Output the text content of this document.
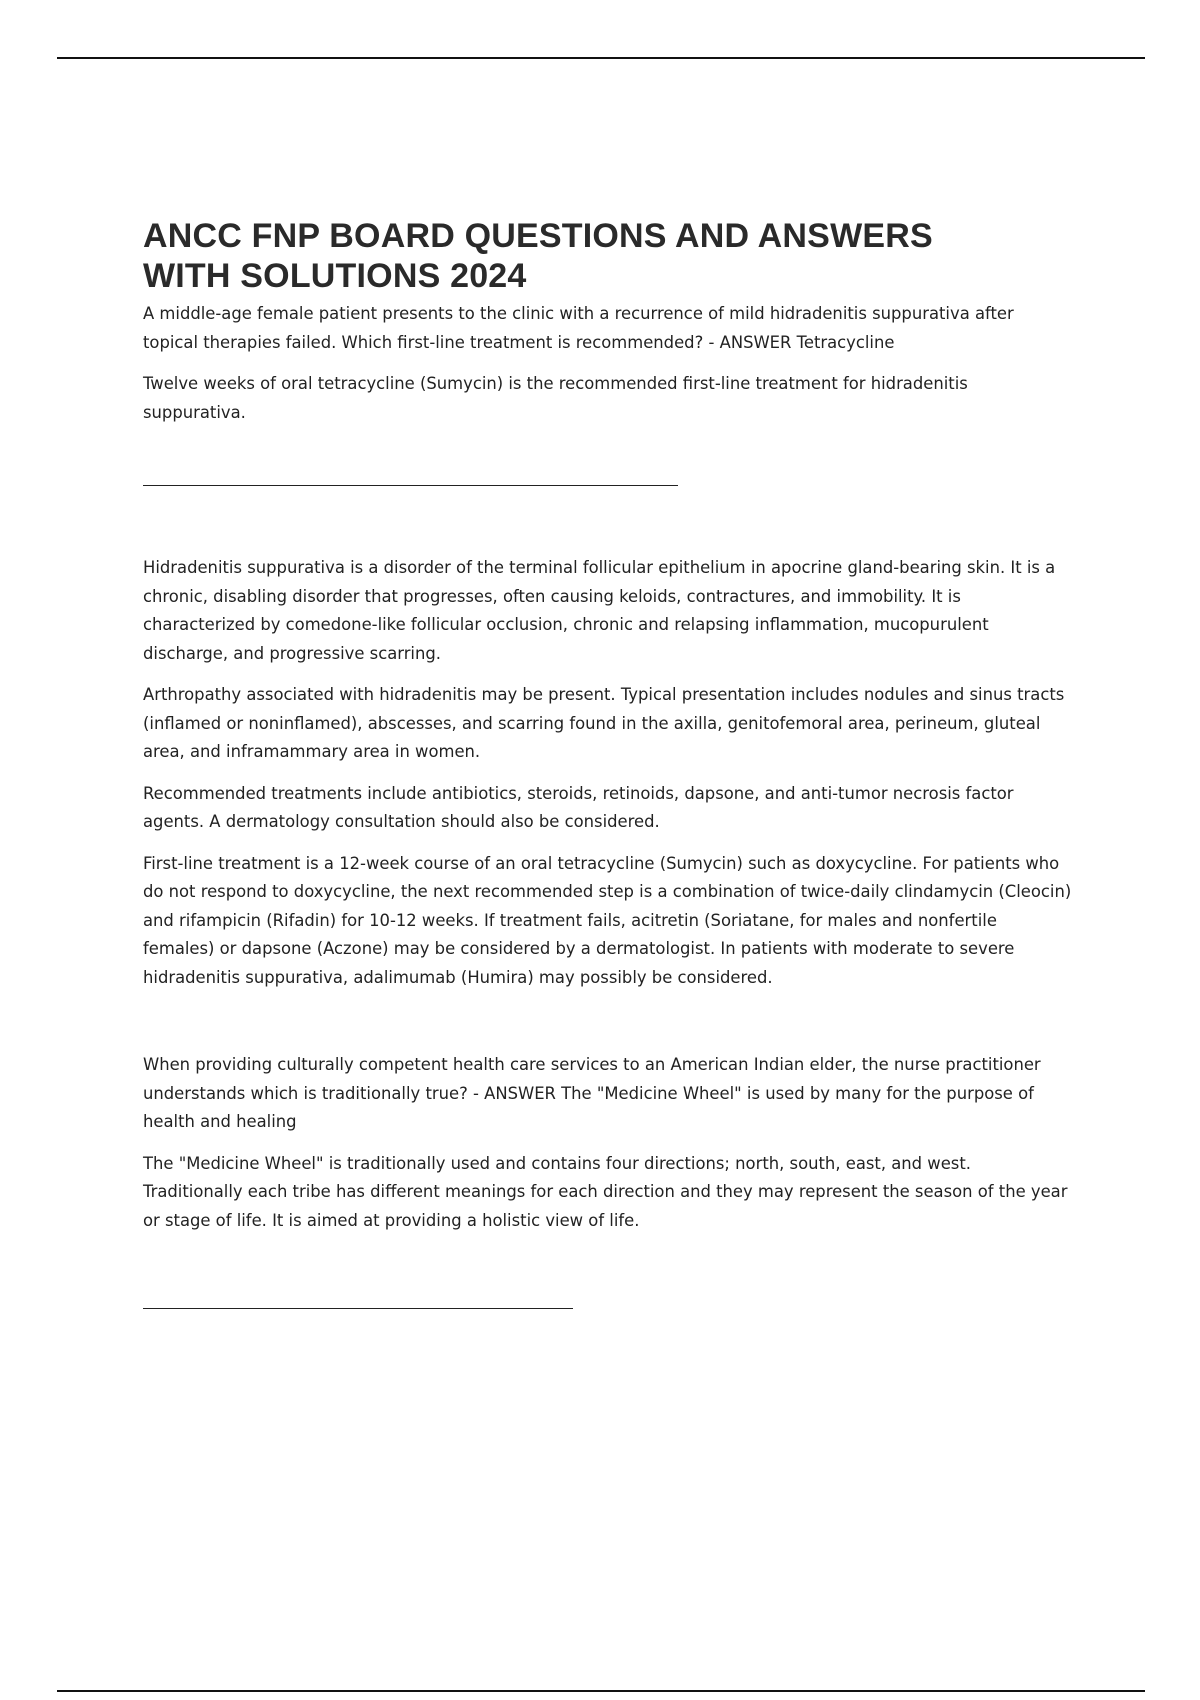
ANCC FNP BOARD QUESTIONS AND ANSWERS
WITH SOLUTIONS 2024

A middle-age female patient presents to the clinic with a recurrence of mild hidradenitis suppurativa after topical therapies failed. Which first-line treatment is recommended? - ANSWER Tetracycline

Twelve weeks of oral tetracycline (Sumycin) is the recommended first-line treatment for hidradenitis suppurativa.

Hidradenitis suppurativa is a disorder of the terminal follicular epithelium in apocrine gland-bearing skin. It is a chronic, disabling disorder that progresses, often causing keloids, contractures, and immobility. It is characterized by comedone-like follicular occlusion, chronic and relapsing inflammation, mucopurulent discharge, and progressive scarring.

Arthropathy associated with hidradenitis may be present. Typical presentation includes nodules and sinus tracts (inflamed or noninflamed), abscesses, and scarring found in the axilla, genitofemoral area, perineum, gluteal area, and inframammary area in women.

Recommended treatments include antibiotics, steroids, retinoids, dapsone, and anti-tumor necrosis factor agents. A dermatology consultation should also be considered.

First-line treatment is a 12-week course of an oral tetracycline (Sumycin) such as doxycycline. For patients who do not respond to doxycycline, the next recommended step is a combination of twice-daily clindamycin (Cleocin) and rifampicin (Rifadin) for 10-12 weeks. If treatment fails, acitretin (Soriatane, for males and nonfertile females) or dapsone (Aczone) may be considered by a dermatologist. In patients with moderate to severe hidradenitis suppurativa, adalimumab (Humira) may possibly be considered.

When providing culturally competent health care services to an American Indian elder, the nurse practitioner understands which is traditionally true? - ANSWER The "Medicine Wheel" is used by many for the purpose of health and healing

The "Medicine Wheel" is traditionally used and contains four directions; north, south, east, and west. Traditionally each tribe has different meanings for each direction and they may represent the season of the year or stage of life. It is aimed at providing a holistic view of life.
